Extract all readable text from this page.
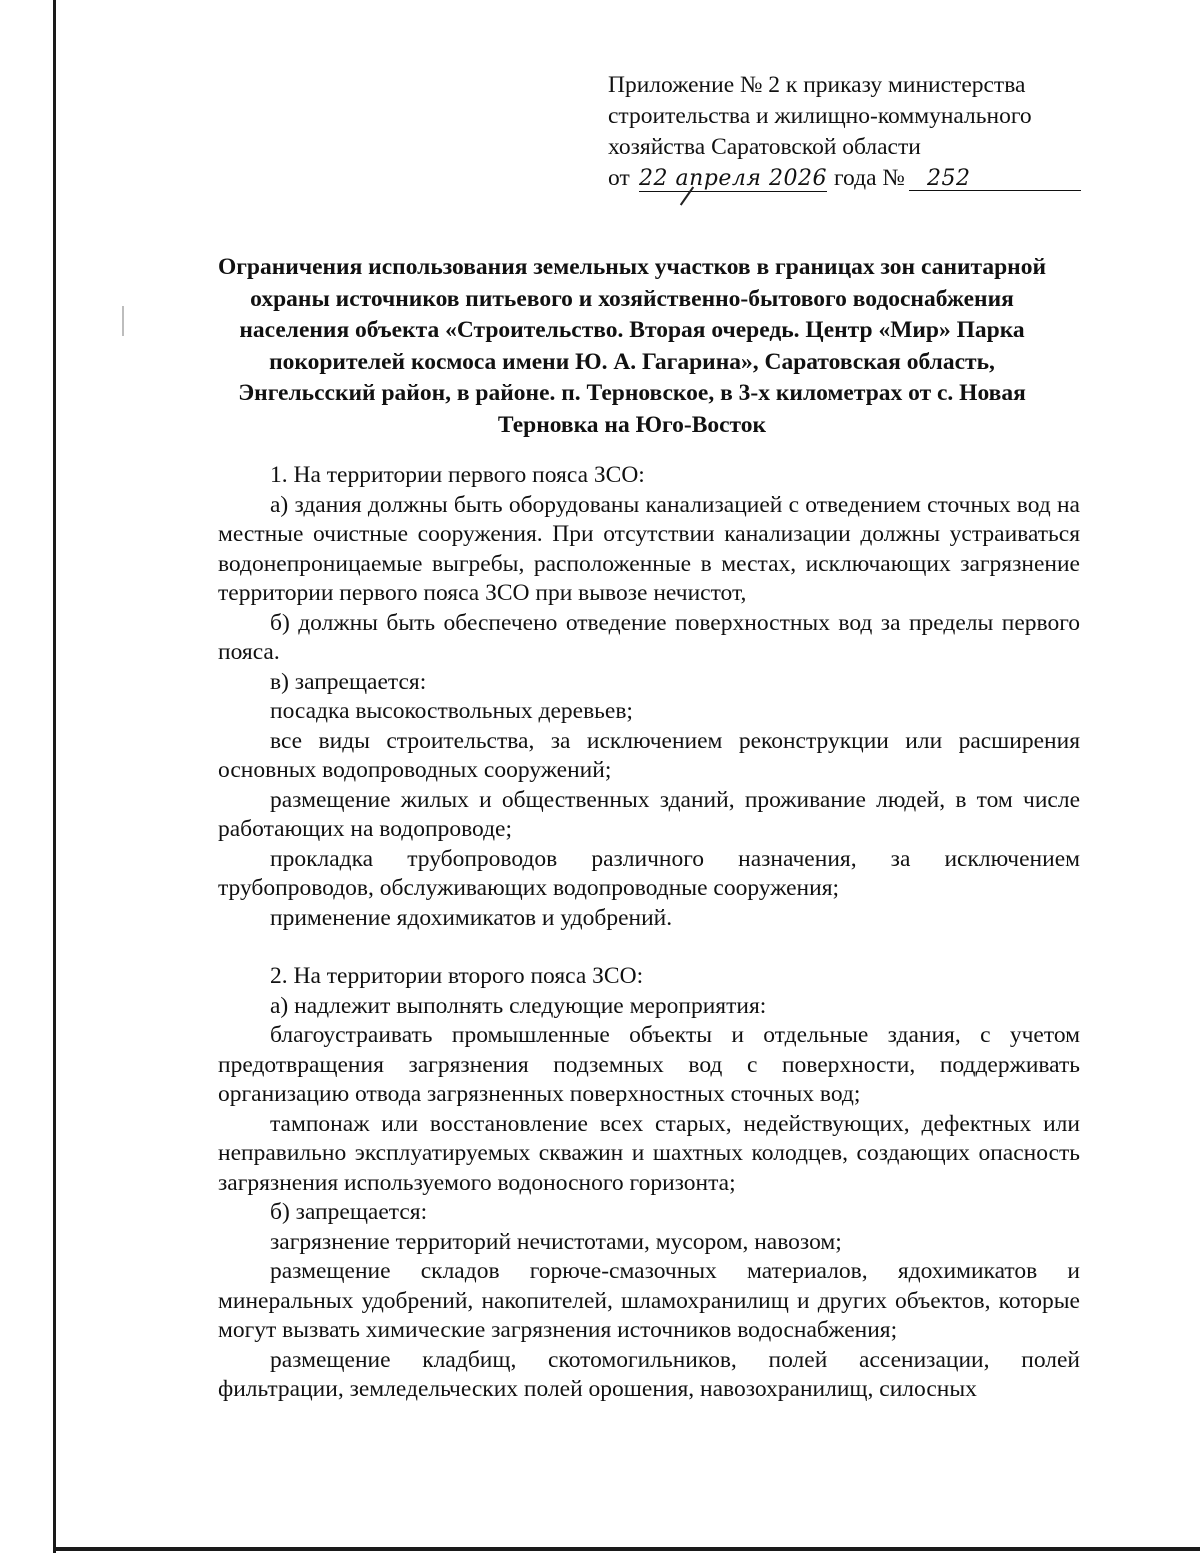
Приложение № 2 к приказу министерства
строительства и жилищно-коммунального
хозяйства Саратовской области
от 22 апреля 2026 года №	252
Ограничения использования земельных участков в границах зон санитарной охраны источников питьевого и хозяйственно-бытового водоснабжения населения объекта «Строительство. Вторая очередь. Центр «Мир» Парка покорителей космоса имени Ю. А. Гагарина», Саратовская область, Энгельсский район, в районе. п. Терновское, в 3-х километрах от с. Новая Терновка на Юго-Восток

1. На территории первого пояса ЗСО:

а) здания должны быть оборудованы канализацией с отведением сточных вод на местные очистные сооружения. При отсутствии канализации должны устраиваться водонепроницаемые выгребы, расположенные в местах, исключающих загрязнение территории первого пояса ЗСО при вывозе нечистот,

б) должны быть обеспечено отведение поверхностных вод за пределы первого пояса.

в) запрещается:

посадка высокоствольных деревьев;

все виды строительства, за исключением реконструкции или расширения основных водопроводных сооружений;

размещение жилых и общественных зданий, проживание людей, в том числе работающих на водопроводе;

прокладка трубопроводов различного назначения, за исключением трубопроводов, обслуживающих водопроводные сооружения;

применение ядохимикатов и удобрений.

2. На территории второго пояса ЗСО:

а) надлежит выполнять следующие мероприятия:

благоустраивать промышленные объекты и отдельные здания, с учетом предотвращения загрязнения подземных вод с поверхности, поддерживать организацию отвода загрязненных поверхностных сточных вод;

тампонаж или восстановление всех старых, недействующих, дефектных или неправильно эксплуатируемых скважин и шахтных колодцев, создающих опасность загрязнения используемого водоносного горизонта;

б) запрещается:

загрязнение территорий нечистотами, мусором, навозом;

размещение складов горюче-смазочных материалов, ядохимикатов и минеральных удобрений, накопителей, шламохранилищ и других объектов, которые могут вызвать химические загрязнения источников водоснабжения;

размещение кладбищ, скотомогильников, полей ассенизации, полей фильтрации, земледельческих полей орошения, навозохранилищ, силосных
